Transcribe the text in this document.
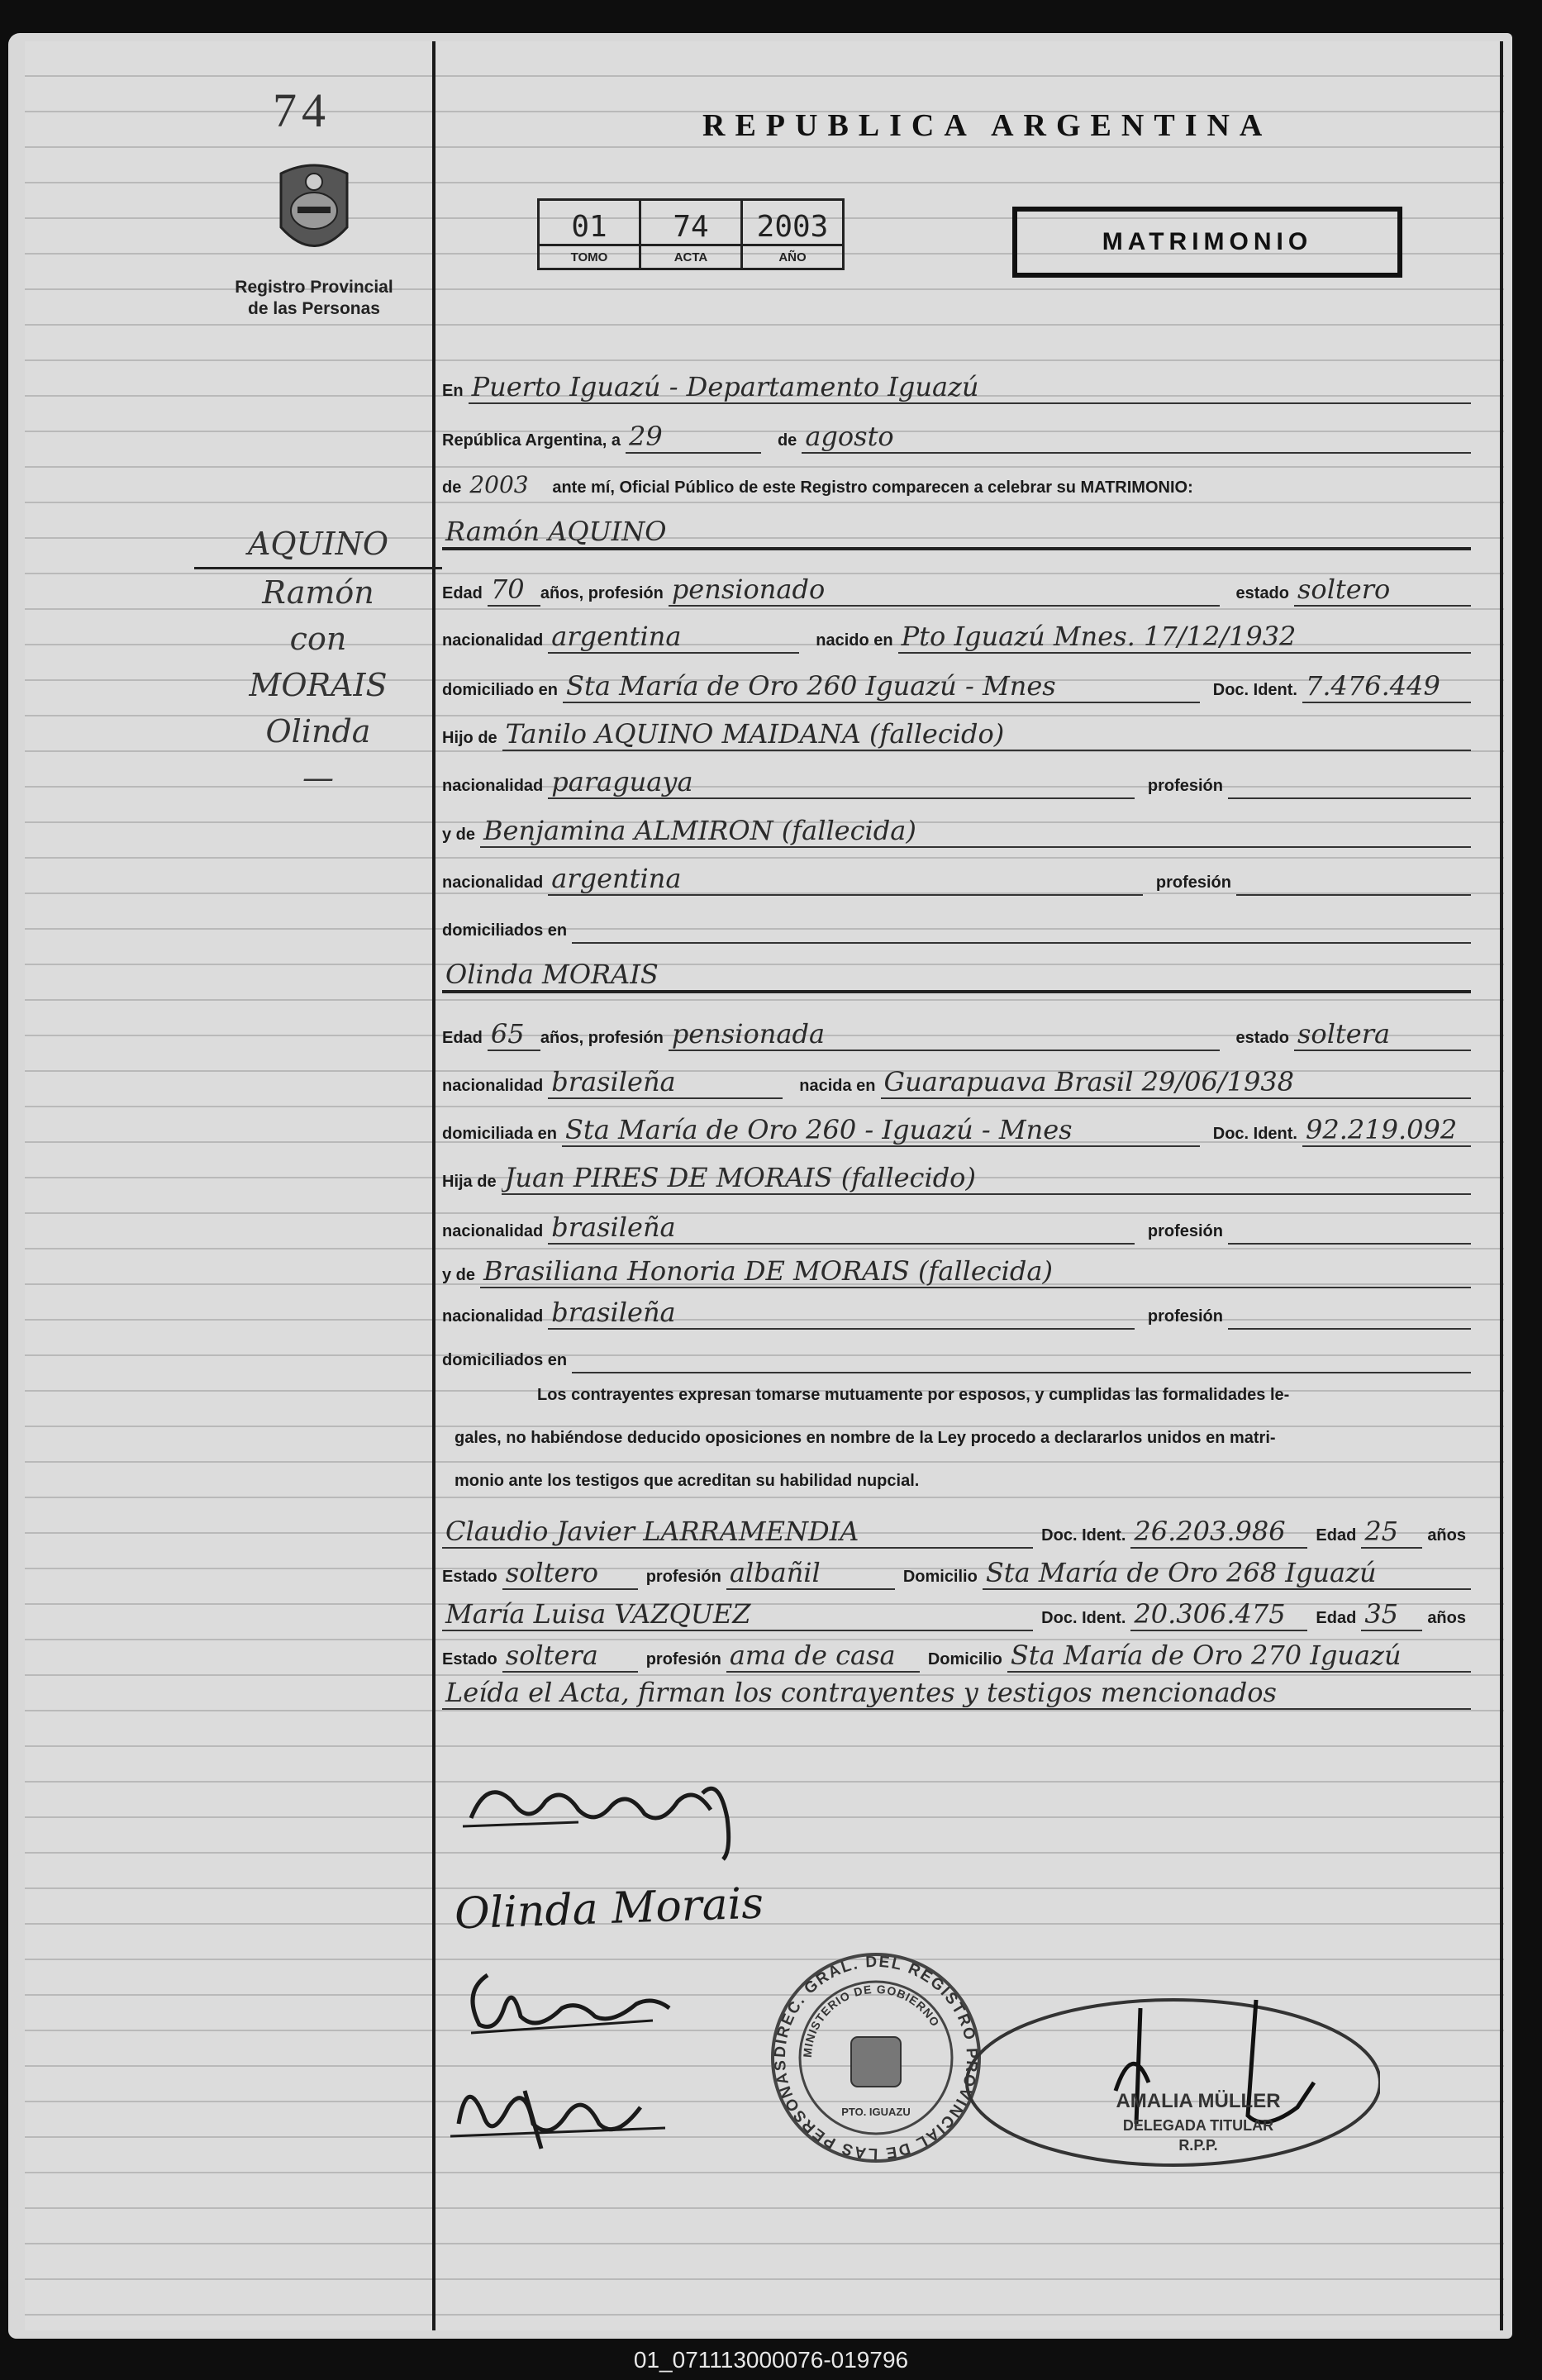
74
Registro Provincial
de las Personas
REPUBLICA ARGENTINA
01	74	2003
TOMO	ACTA	AÑO
MATRIMONIO
AQUINO
Ramón
con
MORAIS
Olinda
—
En Puerto Iguazú - Departamento Iguazú
República Argentina, a 29	de agosto
de 2003	ante mí, Oficial Público de este Registro comparecen a celebrar su MATRIMONIO:
Ramón AQUINO
Edad 70 años, profesión pensionado	estado soltero
nacionalidad argentina	nacido en Pto Iguazú Mnes. 17/12/1932
domiciliado en Sta María de Oro 260 Iguazú - Mnes	Doc. Ident. 7.476.449
Hijo de Tanilo AQUINO MAIDANA (fallecido)
nacionalidad paraguaya	profesión
y de Benjamina ALMIRON (fallecida)
nacionalidad argentina	profesión
domiciliados en
Olinda MORAIS
Edad 65 años, profesión pensionada	estado soltera
nacionalidad brasileña	nacida en Guarapuava Brasil 29/06/1938
domiciliada en Sta María de Oro 260 - Iguazú - Mnes	Doc. Ident. 92.219.092
Hija de Juan PIRES DE MORAIS (fallecido)
nacionalidad brasileña	profesión
y de Brasiliana Honoria DE MORAIS (fallecida)
nacionalidad brasileña	profesión
domiciliados en
Los contrayentes expresan tomarse mutuamente por esposos, y cumplidas las formalidades le-
gales, no habiéndose deducido oposiciones en nombre de la Ley procedo a declararlos unidos en matri-
monio ante los testigos que acreditan su habilidad nupcial.
Claudio Javier LARRAMENDIA	Doc. Ident. 26.203.986	Edad 25	años
Estado soltero	profesión albañil	Domicilio Sta María de Oro 268 Iguazú
María Luisa VAZQUEZ	Doc. Ident. 20.306.475	Edad 35	años
Estado soltera	profesión ama de casa	Domicilio Sta María de Oro 270 Iguazú
Leída el Acta, firman los contrayentes y testigos mencionados
Olinda Morais
DIREC. GRAL. DEL REGISTRO PROVINCIAL DE LAS PERSONAS
MINISTERIO DE GOBIERNO
PTO. IGUAZU	AMALIA MÜLLER
DELEGADA TITULAR
R.P.P.
01_071113000076-019796
